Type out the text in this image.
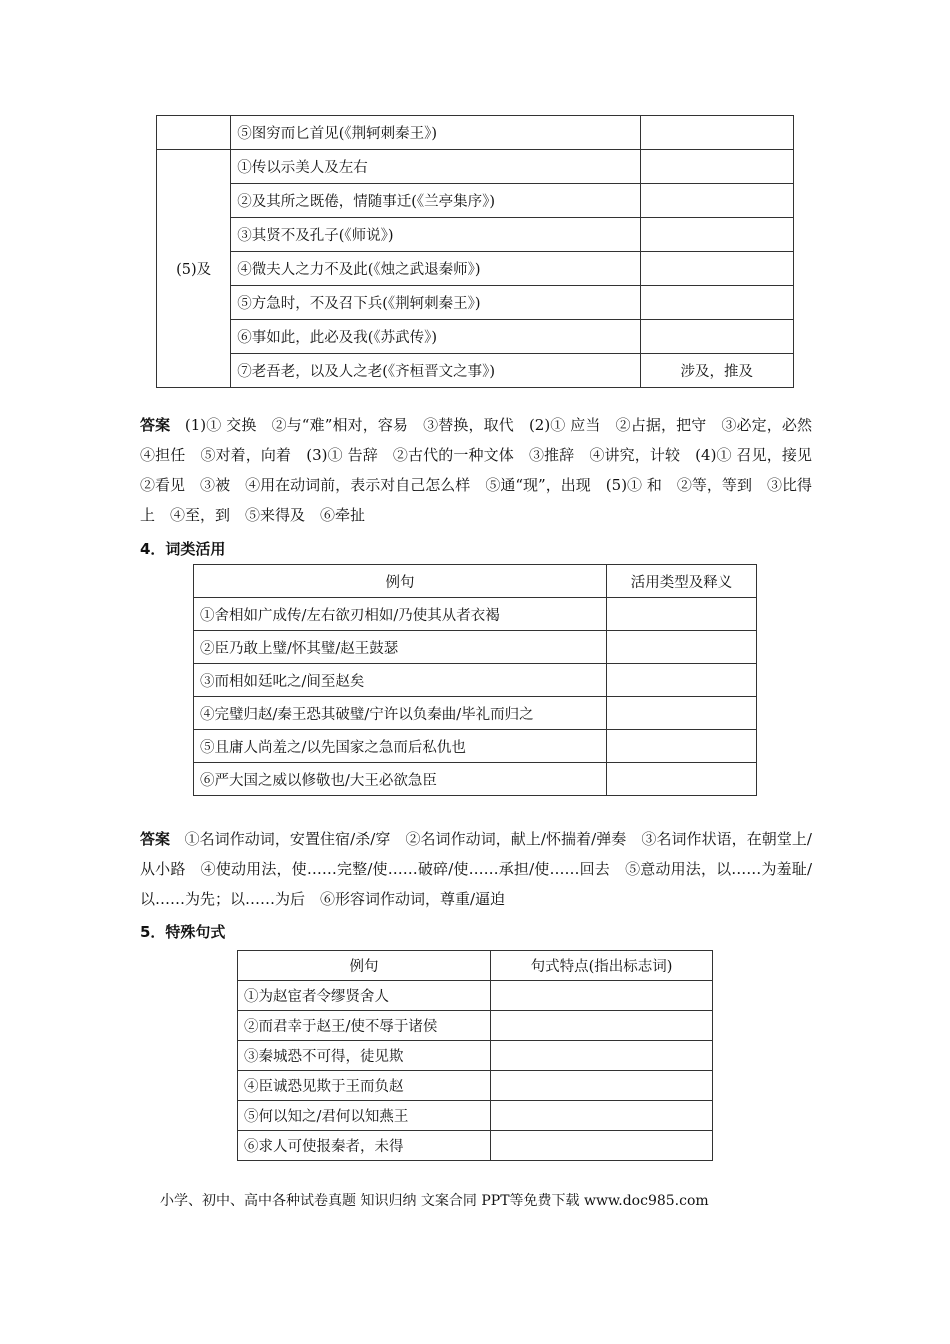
	⑤图穷而匕首见(《荆轲刺秦王》)	
(5)及	①传以示美人及左右	
	②及其所之既倦，情随事迁(《兰亭集序》)	
	③其贤不及孔子(《师说》)	
	④微夫人之力不及此(《烛之武退秦师》)	
	⑤方急时，不及召下兵(《荆轲刺秦王》)	
	⑥事如此，此必及我(《苏武传》)	
	⑦老吾老，以及人之老(《齐桓晋文之事》)	涉及，推及
答案 (1)① 交换　②与“难”相对，容易　③替换，取代　(2)① 应当　②占据，把守　③必定，必然　④担任　⑤对着，向着　(3)① 告辞　②古代的一种文体　③推辞　④讲究，计较　(4)① 召见，接见　②看见　③被　④用在动词前，表示对自己怎么样　⑤通“现”，出现　(5)① 和　②等，等到　③比得上　④至，到　⑤来得及　⑥牵扯
4．词类活用
例句	活用类型及释义
①舍相如广成传/左右欲刃相如/乃使其从者衣褐	
②臣乃敢上璧/怀其璧/赵王鼓瑟	
③而相如廷叱之/间至赵矣	
④完璧归赵/秦王恐其破璧/宁许以负秦曲/毕礼而归之	
⑤且庸人尚羞之/以先国家之急而后私仇也	
⑥严大国之威以修敬也/大王必欲急臣	
答案 ①名词作动词，安置住宿/杀/穿　②名词作动词，献上/怀揣着/弹奏　③名词作状语，在朝堂上/从小路　④使动用法，使……完整/使……破碎/使……承担/使……回去　⑤意动用法，以……为羞耻/以……为先；以……为后　⑥形容词作动词，尊重/逼迫
5．特殊句式
例句	句式特点(指出标志词)
①为赵宦者令缪贤舍人	
②而君幸于赵王/使不辱于诸侯	
③秦城恐不可得，徒见欺	
④臣诚恐见欺于王而负赵	
⑤何以知之/君何以知燕王	
⑥求人可使报秦者，未得	
小学、初中、高中各种试卷真题 知识归纳 文案合同 PPT等免费下载 www.doc985.com
